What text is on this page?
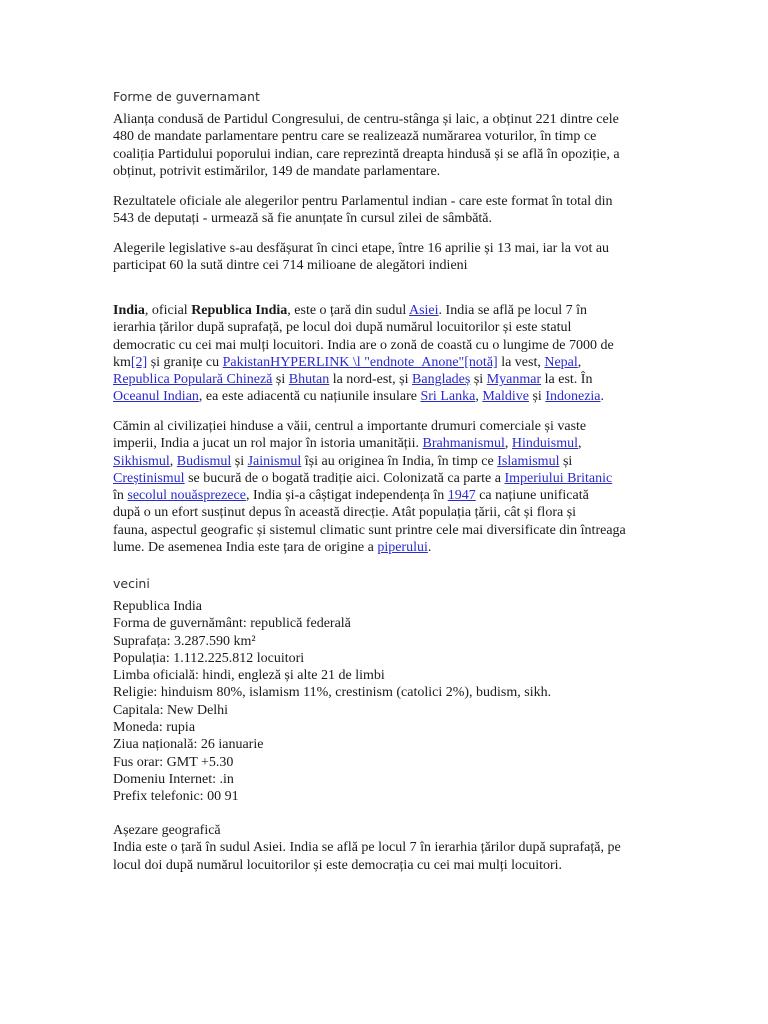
Forme de guvernamant

Alianța condusă de Partidul Congresului, de centru-stânga și laic, a obținut 221 dintre cele
480 de mandate parlamentare pentru care se realizează numărarea voturilor, în timp ce
coaliția Partidului poporului indian, care reprezintă dreapta hindusă și se află în opoziție, a
obținut, potrivit estimărilor, 149 de mandate parlamentare.

Rezultatele oficiale ale alegerilor pentru Parlamentul indian - care este format în total din
543 de deputați - urmează să fie anunțate în cursul zilei de sâmbătă.

Alegerile legislative s-au desfășurat în cinci etape, între 16 aprilie și 13 mai, iar la vot au
participat 60 la sută dintre cei 714 milioane de alegători indieni

India, oficial Republica India, este o țară din sudul Asiei. India se află pe locul 7 în
ierarhia țărilor după suprafață, pe locul doi după numărul locuitorilor și este statul
democratic cu cei mai mulți locuitori. India are o zonă de coastă cu o lungime de 7000 de
km[2] și granițe cu PakistanHYPERLINK \l "endnote_Anone"[notă] la vest, Nepal,
Republica Populară Chineză și Bhutan la nord-est, și Bangladeș și Myanmar la est. În
Oceanul Indian, ea este adiacentă cu națiunile insulare Sri Lanka, Maldive și Indonezia.

Cămin al civilizației hinduse a văii, centrul a importante drumuri comerciale și vaste
imperii, India a jucat un rol major în istoria umanității. Brahmanismul, Hinduismul,
Sikhismul, Budismul și Jainismul își au originea în India, în timp ce Islamismul și
Creștinismul se bucură de o bogată tradiție aici. Colonizată ca parte a Imperiului Britanic
în secolul nouăsprezece, India și-a câștigat independența în 1947 ca națiune unificată
după o un efort susținut depus în această direcție. Atât populația țării, cât și flora și
fauna, aspectul geografic și sistemul climatic sunt printre cele mai diversificate din întreaga
lume. De asemenea India este țara de origine a piperului.

vecini

Republica India
Forma de guvernământ: republică federală
Suprafața: 3.287.590 km²
Populația: 1.112.225.812 locuitori
Limba oficială: hindi, engleză și alte 21 de limbi
Religie: hinduism 80%, islamism 11%, crestinism (catolici 2%), budism, sikh.
Capitala: New Delhi
Moneda: rupia
Ziua națională: 26 ianuarie
Fus orar: GMT +5.30
Domeniu Internet: .in
Prefix telefonic: 00 91

Așezare geografică
India este o țară în sudul Asiei. India se află pe locul 7 în ierarhia țărilor după suprafață, pe
locul doi după numărul locuitorilor și este democrația cu cei mai mulți locuitori.
